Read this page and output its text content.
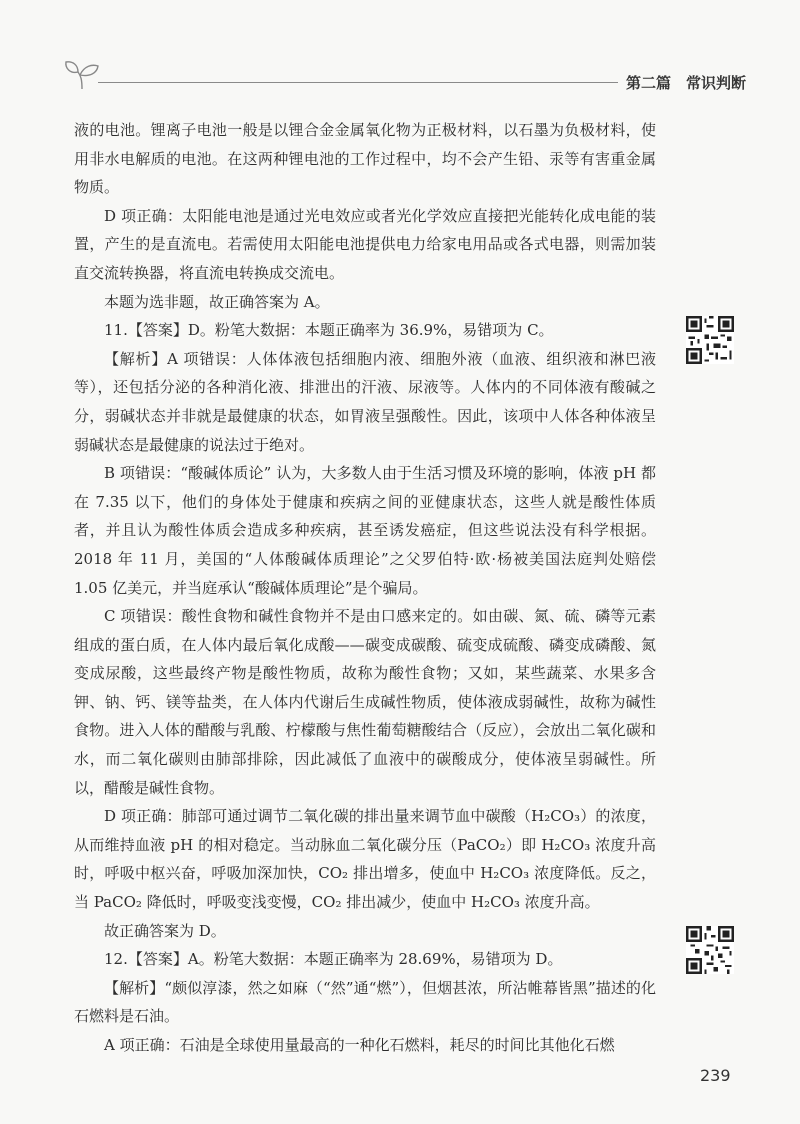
第二篇　常识判断

液的电池。锂离子电池一般是以锂合金金属氧化物为正极材料，以石墨为负极材料，使用非水电解质的电池。在这两种锂电池的工作过程中，均不会产生铅、汞等有害重金属物质。

D 项正确：太阳能电池是通过光电效应或者光化学效应直接把光能转化成电能的装置，产生的是直流电。若需使用太阳能电池提供电力给家电用品或各式电器，则需加装直交流转换器，将直流电转换成交流电。

本题为选非题，故正确答案为 A。

11.【答案】D。粉笔大数据：本题正确率为 36.9%，易错项为 C。

【解析】A 项错误：人体体液包括细胞内液、细胞外液（血液、组织液和淋巴液等），还包括分泌的各种消化液、排泄出的汗液、尿液等。人体内的不同体液有酸碱之分，弱碱状态并非就是最健康的状态，如胃液呈强酸性。因此，该项中人体各种体液呈弱碱状态是最健康的说法过于绝对。

B 项错误：“酸碱体质论” 认为，大多数人由于生活习惯及环境的影响，体液 pH 都在 7.35 以下，他们的身体处于健康和疾病之间的亚健康状态，这些人就是酸性体质者，并且认为酸性体质会造成多种疾病，甚至诱发癌症，但这些说法没有科学根据。2018 年 11 月，美国的“人体酸碱体质理论”之父罗伯特·欧·杨被美国法庭判处赔偿 1.05 亿美元，并当庭承认“酸碱体质理论”是个骗局。

C 项错误：酸性食物和碱性食物并不是由口感来定的。如由碳、氮、硫、磷等元素组成的蛋白质，在人体内最后氧化成酸——碳变成碳酸、硫变成硫酸、磷变成磷酸、氮变成尿酸，这些最终产物是酸性物质，故称为酸性食物；又如，某些蔬菜、水果多含钾、钠、钙、镁等盐类，在人体内代谢后生成碱性物质，使体液成弱碱性，故称为碱性食物。进入人体的醋酸与乳酸、柠檬酸与焦性葡萄糖酸结合（反应），会放出二氧化碳和水，而二氧化碳则由肺部排除，因此减低了血液中的碳酸成分，使体液呈弱碱性。所以，醋酸是碱性食物。

D 项正确：肺部可通过调节二氧化碳的排出量来调节血中碳酸（H₂CO₃）的浓度，从而维持血液 pH 的相对稳定。当动脉血二氧化碳分压（PaCO₂）即 H₂CO₃ 浓度升高时，呼吸中枢兴奋，呼吸加深加快，CO₂ 排出增多，使血中 H₂CO₃ 浓度降低。反之，当 PaCO₂ 降低时，呼吸变浅变慢，CO₂ 排出减少，使血中 H₂CO₃ 浓度升高。

故正确答案为 D。

12.【答案】A。粉笔大数据：本题正确率为 28.69%，易错项为 D。

【解析】“颇似淳漆，然之如麻（“然”通“燃”），但烟甚浓，所沾帷幕皆黑”描述的化石燃料是石油。

A 项正确：石油是全球使用量最高的一种化石燃料，耗尽的时间比其他化石燃

239
